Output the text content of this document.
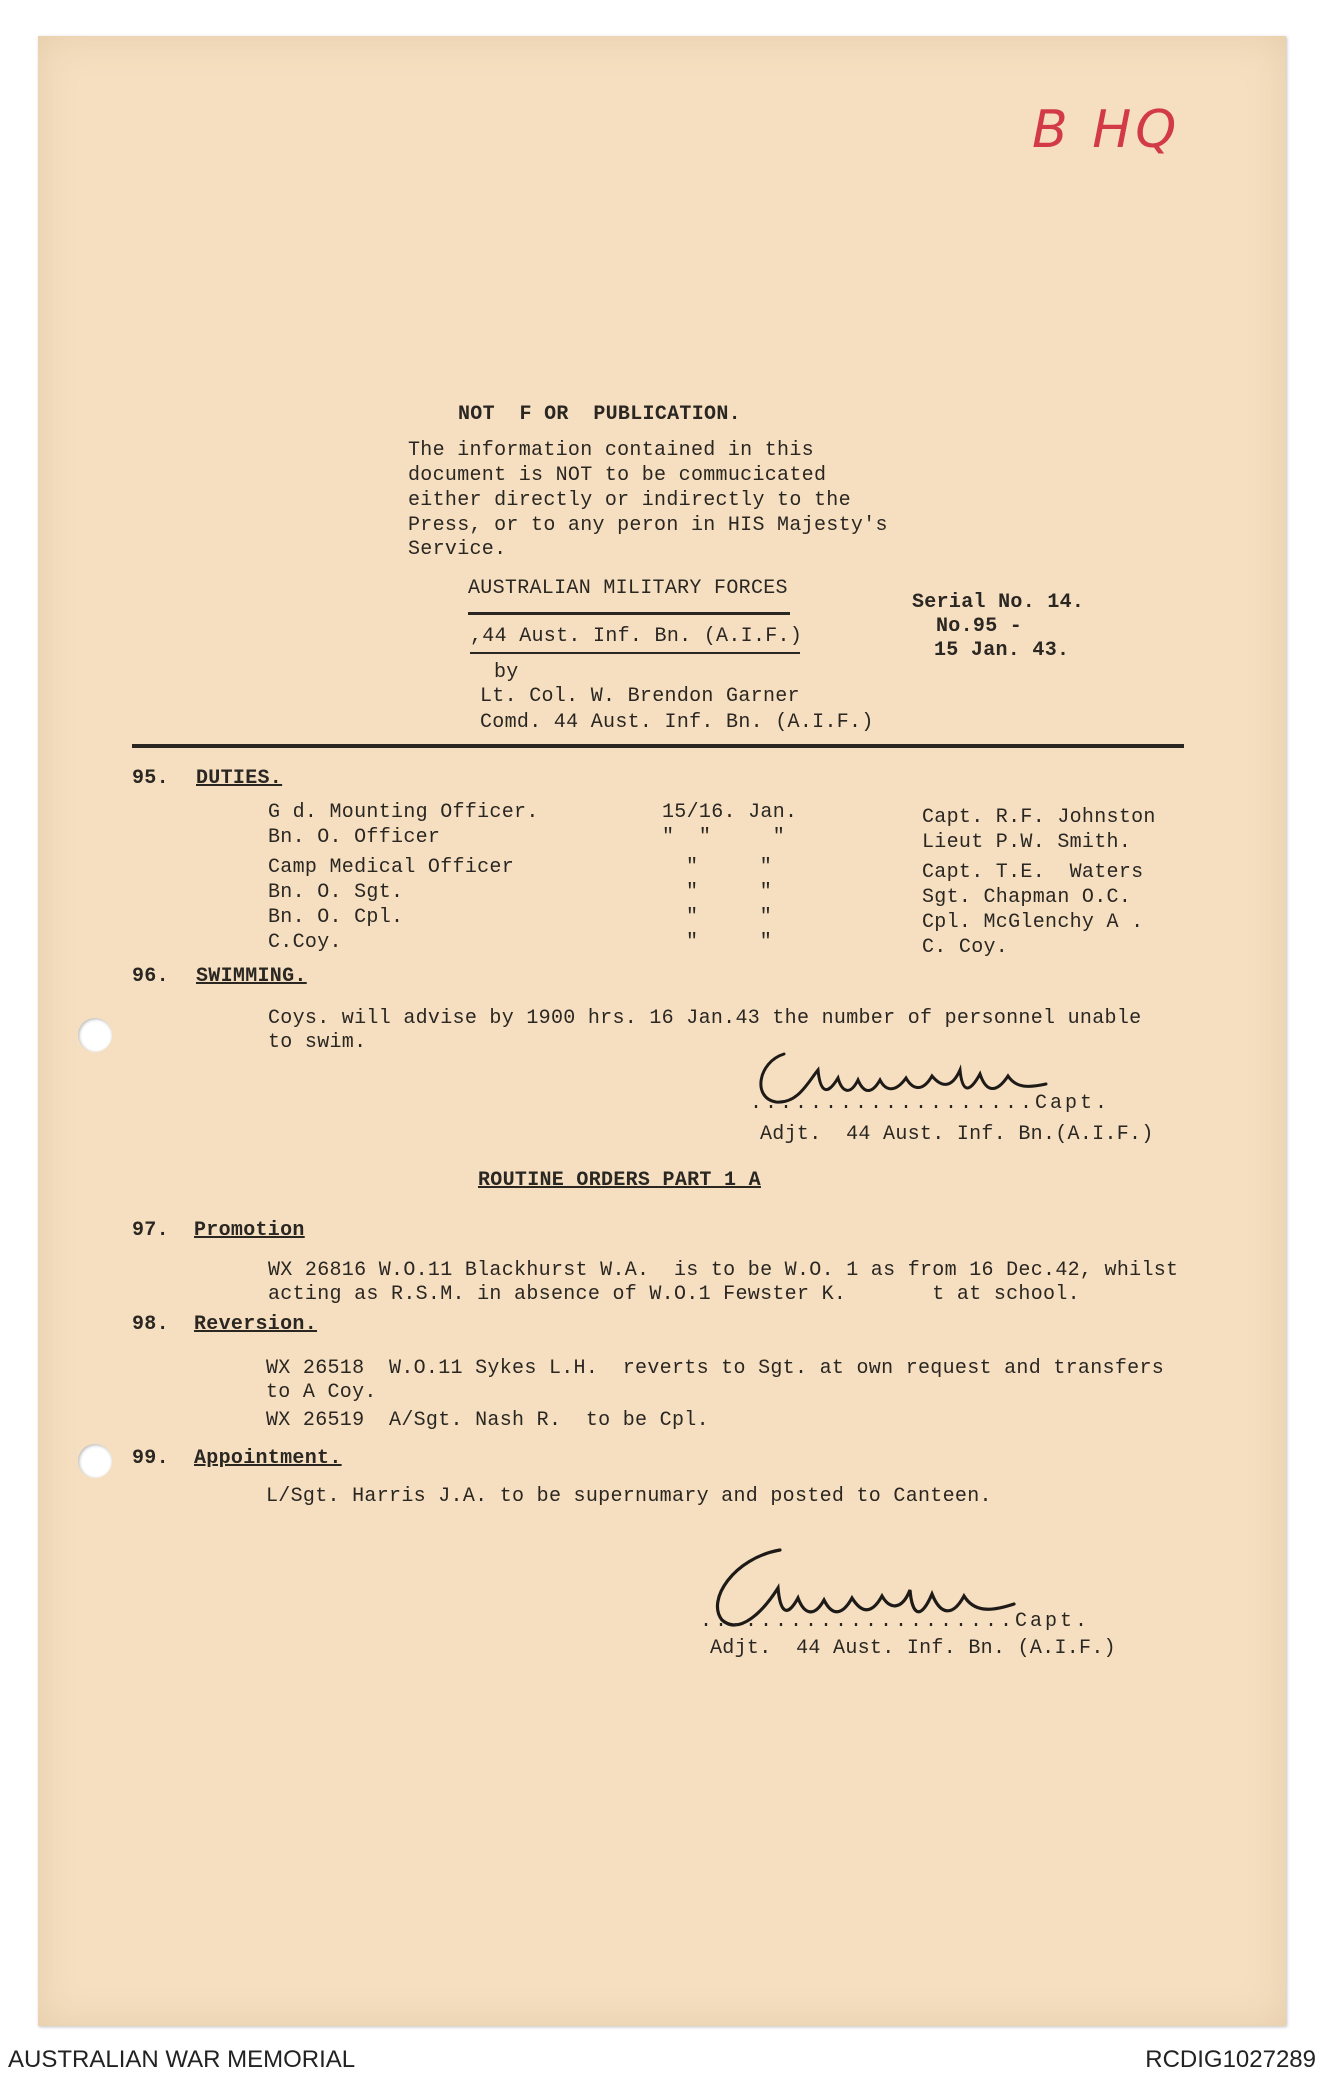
B HQ
NOT  F OR  PUBLICATION.
The information contained in this
document is NOT to be commucicated
either directly or indirectly to the
Press, or to any peron in HIS Majesty's
Service.
AUSTRALIAN MILITARY FORCES
,44 Aust. Inf. Bn. (A.I.F.)
by
Lt. Col. W. Brendon Garner
Comd. 44 Aust. Inf. Bn. (A.I.F.)
Serial No. 14.
No.95 -
15 Jan. 43.
95. DUTIES.
G d. Mounting Officer.	15/16. Jan.	Capt. R.F. Johnston
Bn. O. Officer	"  "     "	Lieut P.W. Smith.
Camp Medical Officer	"     "	Capt. T.E.  Waters
Bn. O. Sgt.	"     "	Sgt. Chapman O.C.
Bn. O. Cpl.	"     "	Cpl. McGlenchy A .
C.Coy.	"     "	C. Coy.
96. SWIMMING.
Coys. will advise by 1900 hrs. 16 Jan.43 the number of personnel unable
to swim.
...................Capt.
Adjt.  44 Aust. Inf. Bn.(A.I.F.)
ROUTINE ORDERS PART 1 A
97. Promotion
WX 26816 W.O.11 Blackhurst W.A.  is to be W.O. 1 as from 16 Dec.42, whilst
acting as R.S.M. in absence of W.O.1 Fewster K.       t at school.
98. Reversion.
WX 26518  W.O.11 Sykes L.H.  reverts to Sgt. at own request and transfers
to A Coy.
WX 26519  A/Sgt. Nash R.  to be Cpl.
99. Appointment.
L/Sgt. Harris J.A. to be supernumary and posted to Canteen.
.....................Capt.
Adjt.  44 Aust. Inf. Bn. (A.I.F.)
AUSTRALIAN WAR MEMORIAL	RCDIG1027289
